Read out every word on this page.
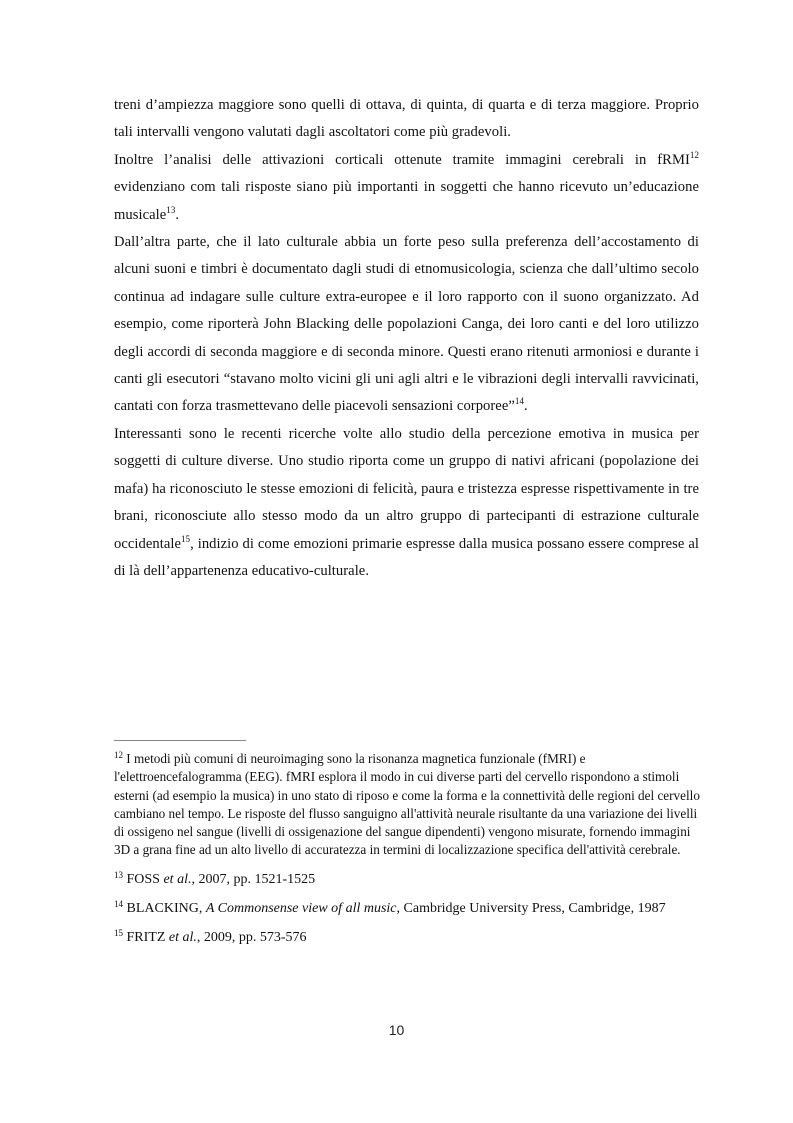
treni d’ampiezza maggiore sono quelli di ottava, di quinta, di quarta e di terza maggiore. Proprio tali intervalli vengono valutati dagli ascoltatori come più gradevoli.

Inoltre l’analisi delle attivazioni corticali ottenute tramite immagini cerebrali in fRMI$^{12}$ evidenziano com tali risposte siano più importanti in soggetti che hanno ricevuto un’educazione musicale$^{13}$.

Dall’altra parte, che il lato culturale abbia un forte peso sulla preferenza dell’accostamento di alcuni suoni e timbri è documentato dagli studi di etnomusicologia, scienza che dall’ultimo secolo continua ad indagare sulle culture extra-europee e il loro rapporto con il suono organizzato. Ad esempio, come riporterà John Blacking delle popolazioni Canga, dei loro canti e del loro utilizzo degli accordi di seconda maggiore e di seconda minore. Questi erano ritenuti armoniosi e durante i canti gli esecutori “stavano molto vicini gli uni agli altri e le vibrazioni degli intervalli ravvicinati, cantati con forza trasmettevano delle piacevoli sensazioni corporee”$^{14}$.

Interessanti sono le recenti ricerche volte allo studio della percezione emotiva in musica per soggetti di culture diverse. Uno studio riporta come un gruppo di nativi africani (popolazione dei mafa) ha riconosciuto le stesse emozioni di felicità, paura e tristezza espresse rispettivamente in tre brani, riconosciute allo stesso modo da un altro gruppo di partecipanti di estrazione culturale occidentale$^{15}$, indizio di come emozioni primarie espresse dalla musica possano essere comprese al di là dell’appartenenza educativo-culturale.

$^{12}$ I metodi più comuni di neuroimaging sono la risonanza magnetica funzionale (fMRI) e l'elettroencefalogramma (EEG). fMRI esplora il modo in cui diverse parti del cervello rispondono a stimoli esterni (ad esempio la musica) in uno stato di riposo e come la forma e la connettività delle regioni del cervello cambiano nel tempo. Le risposte del flusso sanguigno all'attività neurale risultante da una variazione dei livelli di ossigeno nel sangue (livelli di ossigenazione del sangue dipendenti) vengono misurate, fornendo immagini 3D a grana fine ad un alto livello di accuratezza in termini di localizzazione specifica dell'attività cerebrale.

$^{13}$ FOSS et al., 2007, pp. 1521-1525

$^{14}$ BLACKING, A Commonsense view of all music, Cambridge University Press, Cambridge, 1987

$^{15}$ FRITZ et al., 2009, pp. 573-576

10
